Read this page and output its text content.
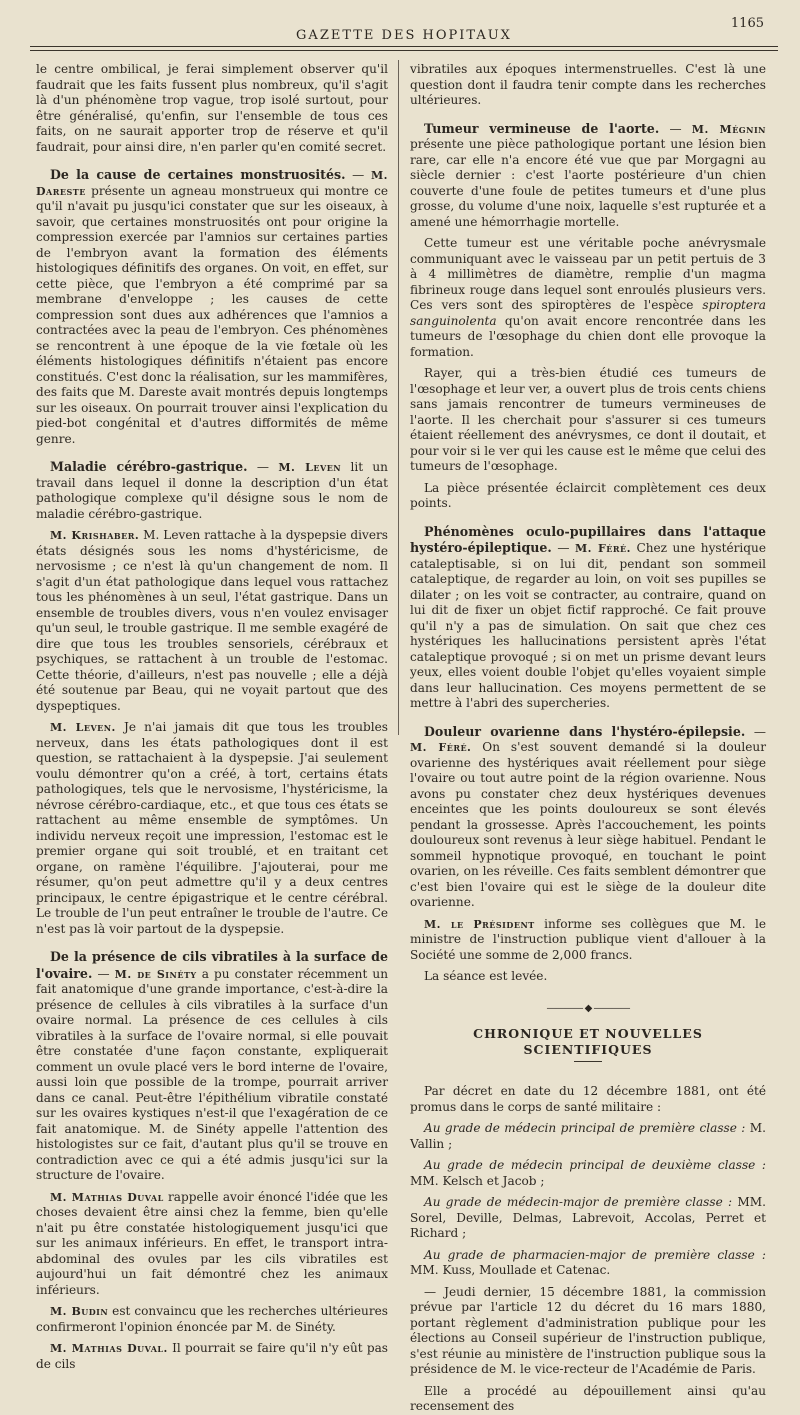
GAZETTE DES HOPITAUX
1165

le centre ombilical, je ferai simplement observer qu'il faudrait que les faits fussent plus nombreux, qu'il s'agit là d'un phénomène trop vague, trop isolé surtout, pour être généralisé, qu'enfin, sur l'ensemble de tous ces faits, on ne saurait apporter trop de réserve et qu'il faudrait, pour ainsi dire, n'en parler qu'en comité secret.

De la cause de certaines monstruosités. — M. Dareste présente un agneau monstrueux qui montre ce qu'il n'avait pu jusqu'ici constater que sur les oiseaux, à savoir, que certaines monstruosités ont pour origine la compression exercée par l'amnios sur certaines parties de l'embryon avant la formation des éléments histologiques définitifs des organes. On voit, en effet, sur cette pièce, que l'embryon a été comprimé par sa membrane d'enveloppe ; les causes de cette compression sont dues aux adhérences que l'amnios a contractées avec la peau de l'embryon. Ces phénomènes se rencontrent à une époque de la vie fœtale où les éléments histologiques définitifs n'étaient pas encore constitués. C'est donc la réalisation, sur les mammifères, des faits que M. Dareste avait montrés depuis longtemps sur les oiseaux. On pourrait trouver ainsi l'explication du pied-bot congénital et d'autres difformités de même genre.

Maladie cérébro-gastrique. — M. Leven lit un travail dans lequel il donne la description d'un état pathologique complexe qu'il désigne sous le nom de maladie cérébro-gastrique.

M. Krishaber. M. Leven rattache à la dyspepsie divers états désignés sous les noms d'hystéricisme, de nervosisme ; ce n'est là qu'un changement de nom. Il s'agit d'un état pathologique dans lequel vous rattachez tous les phénomènes à un seul, l'état gastrique. Dans un ensemble de troubles divers, vous n'en voulez envisager qu'un seul, le trouble gastrique. Il me semble exagéré de dire que tous les troubles sensoriels, cérébraux et psychiques, se rattachent à un trouble de l'estomac. Cette théorie, d'ailleurs, n'est pas nouvelle ; elle a déjà été soutenue par Beau, qui ne voyait partout que des dyspeptiques.

M. Leven. Je n'ai jamais dit que tous les troubles nerveux, dans les états pathologiques dont il est question, se rattachaient à la dyspepsie. J'ai seulement voulu démontrer qu'on a créé, à tort, certains états pathologiques, tels que le nervosisme, l'hystéricisme, la névrose cérébro-cardiaque, etc., et que tous ces états se rattachent au même ensemble de symptômes. Un individu nerveux reçoit une impression, l'estomac est le premier organe qui soit troublé, et en traitant cet organe, on ramène l'équilibre. J'ajouterai, pour me résumer, qu'on peut admettre qu'il y a deux centres principaux, le centre épigastrique et le centre cérébral. Le trouble de l'un peut entraîner le trouble de l'autre. Ce n'est pas là voir partout de la dyspepsie.

De la présence de cils vibratiles à la surface de l'ovaire. — M. de Sinéty a pu constater récemment un fait anatomique d'une grande importance, c'est-à-dire la présence de cellules à cils vibratiles à la surface d'un ovaire normal. La présence de ces cellules à cils vibratiles à la surface de l'ovaire normal, si elle pouvait être constatée d'une façon constante, expliquerait comment un ovule placé vers le bord interne de l'ovaire, aussi loin que possible de la trompe, pourrait arriver dans ce canal. Peut-être l'épithélium vibratile constaté sur les ovaires kystiques n'est-il que l'exagération de ce fait anatomique. M. de Sinéty appelle l'attention des histologistes sur ce fait, d'autant plus qu'il se trouve en contradiction avec ce qui a été admis jusqu'ici sur la structure de l'ovaire.

M. Mathias Duval rappelle avoir énoncé l'idée que les choses devaient être ainsi chez la femme, bien qu'elle n'ait pu être constatée histologiquement jusqu'ici que sur les animaux inférieurs. En effet, le transport intra-abdominal des ovules par les cils vibratiles est aujourd'hui un fait démontré chez les animaux inférieurs.

M. Budin est convaincu que les recherches ultérieures confirmeront l'opinion énoncée par M. de Sinéty.

M. Mathias Duval. Il pourrait se faire qu'il n'y eût pas de cils

vibratiles aux époques intermenstruelles. C'est là une question dont il faudra tenir compte dans les recherches ultérieures.

Tumeur vermineuse de l'aorte. — M. Mégnin présente une pièce pathologique portant une lésion bien rare, car elle n'a encore été vue que par Morgagni au siècle dernier : c'est l'aorte postérieure d'un chien couverte d'une foule de petites tumeurs et d'une plus grosse, du volume d'une noix, laquelle s'est rupturée et a amené une hémorrhagie mortelle.

Cette tumeur est une véritable poche anévrysmale communiquant avec le vaisseau par un petit pertuis de 3 à 4 millimètres de diamètre, remplie d'un magma fibrineux rouge dans lequel sont enroulés plusieurs vers. Ces vers sont des spiroptères de l'espèce spiroptera sanguinolenta qu'on avait encore rencontrée dans les tumeurs de l'œsophage du chien dont elle provoque la formation.

Rayer, qui a très-bien étudié ces tumeurs de l'œsophage et leur ver, a ouvert plus de trois cents chiens sans jamais rencontrer de tumeurs vermineuses de l'aorte. Il les cherchait pour s'assurer si ces tumeurs étaient réellement des anévrysmes, ce dont il doutait, et pour voir si le ver qui les cause est le même que celui des tumeurs de l'œsophage.

La pièce présentée éclaircit complètement ces deux points.

Phénomènes oculo-pupillaires dans l'attaque hystéro-épileptique. — M. Féré. Chez une hystérique cataleptisable, si on lui dit, pendant son sommeil cataleptique, de regarder au loin, on voit ses pupilles se dilater ; on les voit se contracter, au contraire, quand on lui dit de fixer un objet fictif rapproché. Ce fait prouve qu'il n'y a pas de simulation. On sait que chez ces hystériques les hallucinations persistent après l'état cataleptique provoqué ; si on met un prisme devant leurs yeux, elles voient double l'objet qu'elles voyaient simple dans leur hallucination. Ces moyens permettent de se mettre à l'abri des supercheries.

Douleur ovarienne dans l'hystéro-épilepsie. — M. Féré. On s'est souvent demandé si la douleur ovarienne des hystériques avait réellement pour siège l'ovaire ou tout autre point de la région ovarienne. Nous avons pu constater chez deux hystériques devenues enceintes que les points douloureux se sont élevés pendant la grossesse. Après l'accouchement, les points douloureux sont revenus à leur siège habituel. Pendant le sommeil hypnotique provoqué, en touchant le point ovarien, on les réveille. Ces faits semblent démontrer que c'est bien l'ovaire qui est le siège de la douleur dite ovarienne.

M. le Président informe ses collègues que M. le ministre de l'instruction publique vient d'allouer à la Société une somme de 2,000 francs.

La séance est levée.

———— ◆ ————
CHRONIQUE ET NOUVELLES SCIENTIFIQUES

Par décret en date du 12 décembre 1881, ont été promus dans le corps de santé militaire :

Au grade de médecin principal de première classe : M. Vallin ;

Au grade de médecin principal de deuxième classe : MM. Kelsch et Jacob ;

Au grade de médecin-major de première classe : MM. Sorel, Deville, Delmas, Labrevoit, Accolas, Perret et Richard ;

Au grade de pharmacien-major de première classe : MM. Kuss, Moullade et Catenac.

— Jeudi dernier, 15 décembre 1881, la commission prévue par l'article 12 du décret du 16 mars 1880, portant règlement d'administration publique pour les élections au Conseil supérieur de l'instruction publique, s'est réunie au ministère de l'instruction publique sous la présidence de M. le vice-recteur de l'Académie de Paris.

Elle a procédé au dépouillement ainsi qu'au recensement des
